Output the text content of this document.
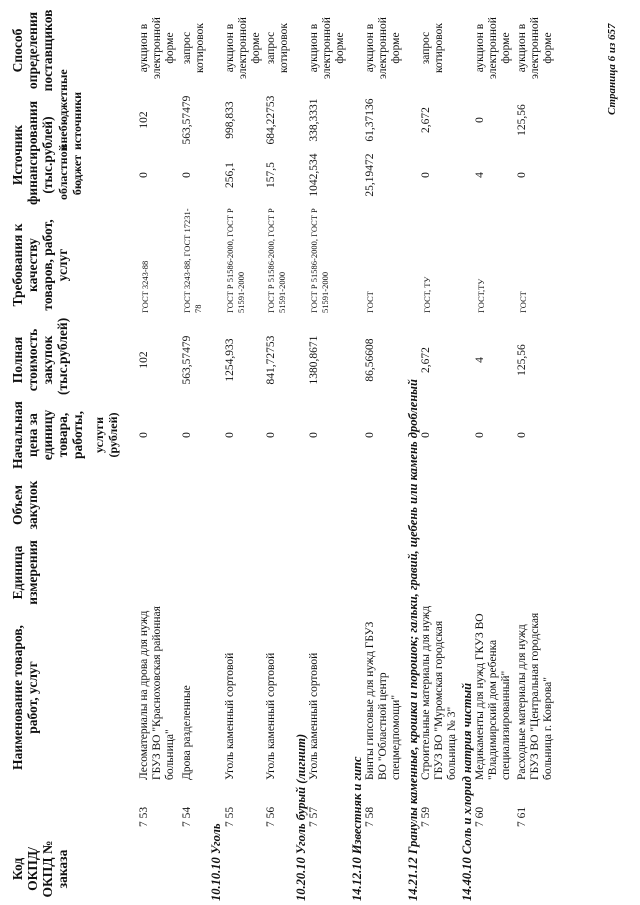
Код ОКПД/ ОКПД № заказа
Наименование товаров, работ, услуг
Единица измерения
Объем закупок
Начальная цена за единицу товара, работы, услуги (рублей)
Полная стоимость закупок (тыс.рублей)
Требования к качеству товаров, работ, услуг
Источник финансирования (тыс.рублей) областной бюджет
внебюджетные источники
Способ определения поставщиков
7 53
Лесоматериалы на дрова для нужд ГБУЗ ВО "Красноховская районная больница"
0
102
ГОСТ 3243-88
0
102
аукцион в электронной форме
7 54
Дрова разделенные
0
563,57479
ГОСТ 3243-88, ГОСТ 17231-78
0
563,57479
запрос котировок
10.10.10 Уголь
7 55
Уголь каменный сортовой
0
1254,933
ГОСТ Р 51586-2000, ГОСТ Р 51591-2000
256,1
998,833
аукцион в электронной форме
7 56
Уголь каменный сортовой
0
841,72753
ГОСТ Р 51586-2000, ГОСТ Р 51591-2000
157,5
684,22753
запрос котировок
10.20.10 Уголь бурый (лигнит) 7 57
Уголь каменный сортовой
0
1380,8671
ГОСТ Р 51586-2000, ГОСТ Р 51591-2000
1042,534
338,3331
аукцион в электронной форме
14.12.10 Известняк и гипс 7 58
Бинты гипсовые для нужд ГБУЗ ВО "Областной центр спецмедпомощи"
0
86,56608
ГОСТ
25,19472
61,37136
аукцион в электронной форме
14.21.12 Гранулы каменные, крошка и порошок; гальки, гравий, щебень или камень дробленый 7 59
Строительные материалы для нужд ГБУЗ ВО "Муромская городская больница № 3"
0
2,672
ГОСТ, ТУ
0
2,672
запрос котировок
14.40.10 Соль и хлорид натрия чистый 7 60
Медикаменты для нужд ГКУЗ ВО "Владимирский дом ребенка специализированный"
0
4
ГОСТ,ТУ
4
0
аукцион в электронной форме
7 61
Расходные материалы для нужд ГБУЗ ВО "Центральная городская больница г. Коврова"
0
125,56
ГОСТ
0
125,56
аукцион в электронной форме	Страница 6 из 657
